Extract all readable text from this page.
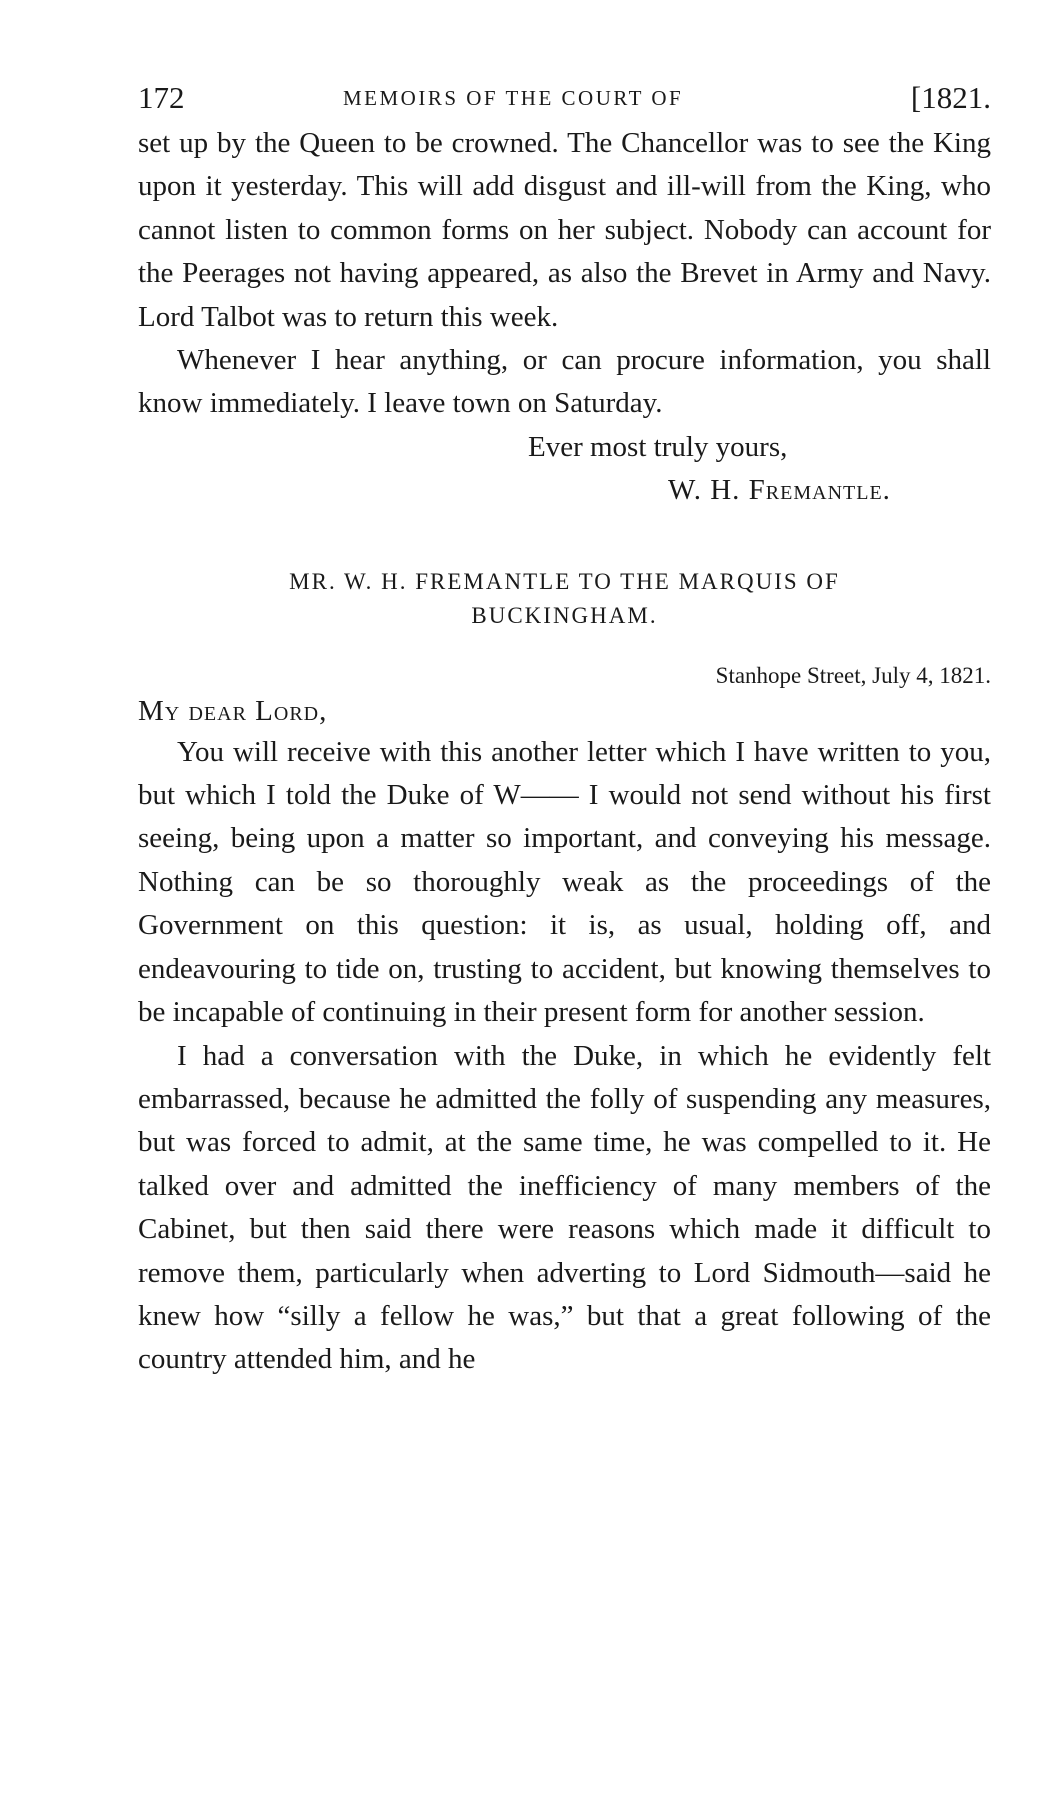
172	MEMOIRS OF THE COURT OF	[1821.

set up by the Queen to be crowned. The Chancellor was to see the King upon it yesterday. This will add disgust and ill-will from the King, who cannot listen to common forms on her subject. Nobody can account for the Peerages not having appeared, as also the Brevet in Army and Navy. Lord Talbot was to return this week.

Whenever I hear anything, or can procure information, you shall know immediately. I leave town on Saturday.

Ever most truly yours,

W. H. Fremantle.

MR. W. H. FREMANTLE TO THE MARQUIS OF
BUCKINGHAM.
Stanhope Street, July 4, 1821.
My dear Lord,

You will receive with this another letter which I have written to you, but which I told the Duke of W—— I would not send without his first seeing, being upon a matter so important, and conveying his message. Nothing can be so thoroughly weak as the proceedings of the Government on this question: it is, as usual, holding off, and endeavouring to tide on, trusting to accident, but knowing themselves to be incapable of continuing in their present form for another session.

I had a conversation with the Duke, in which he evidently felt embarrassed, because he admitted the folly of suspending any measures, but was forced to admit, at the same time, he was compelled to it. He talked over and admitted the inefficiency of many members of the Cabinet, but then said there were reasons which made it difficult to remove them, particularly when adverting to Lord Sidmouth—said he knew how “silly a fellow he was,” but that a great following of the country attended him, and he
